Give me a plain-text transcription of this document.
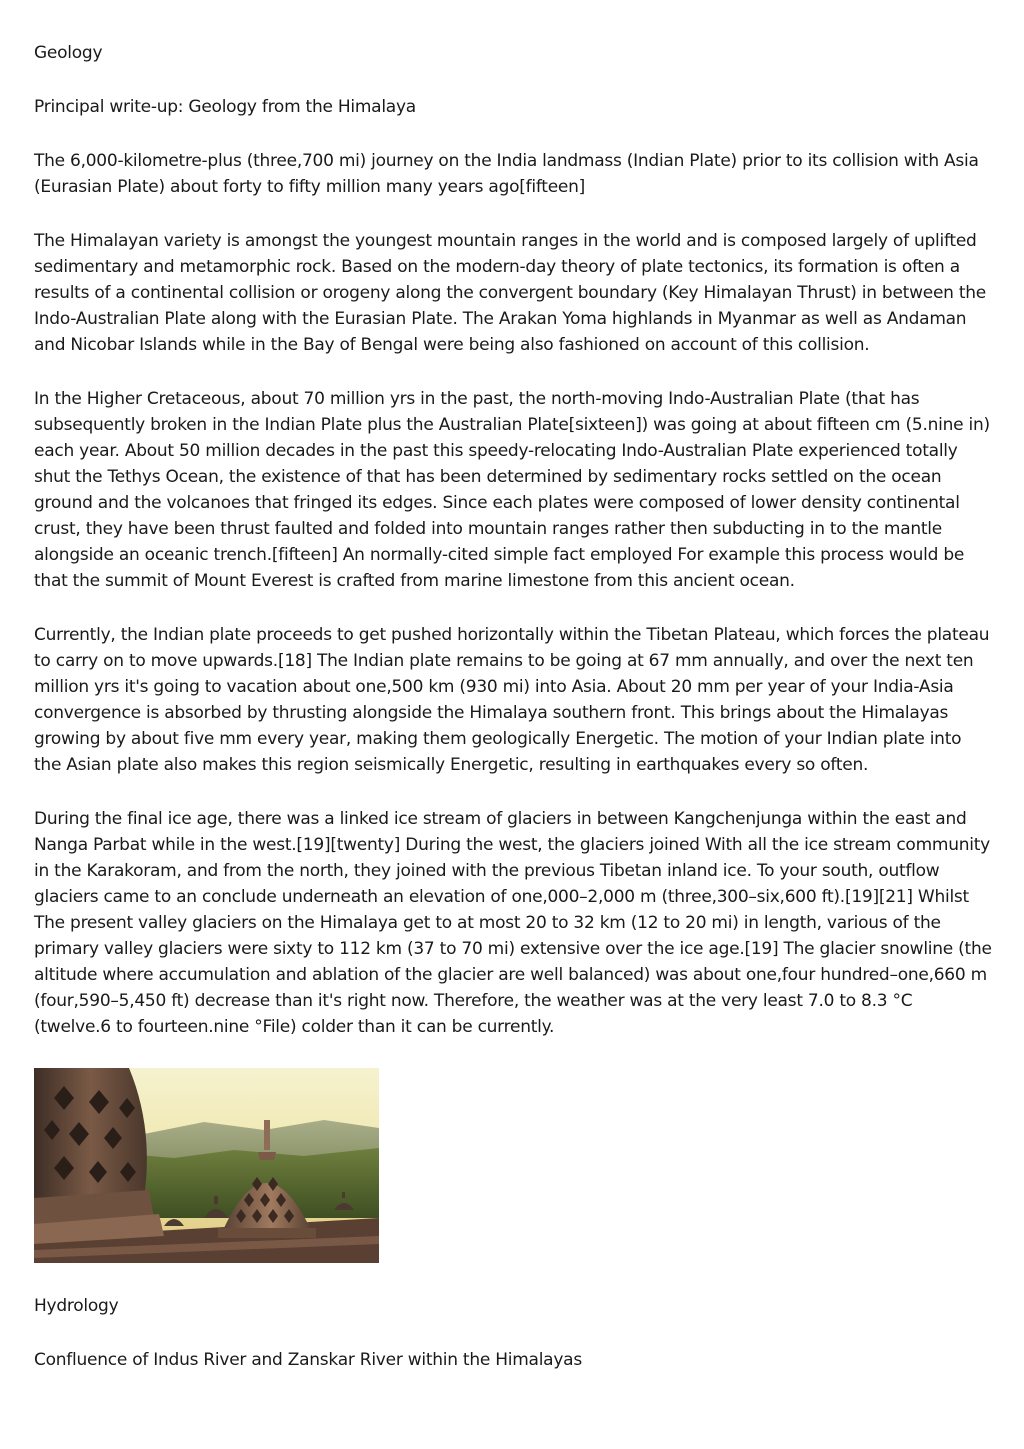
Geology

Principal write-up: Geology from the Himalaya

The 6,000-kilometre-plus (three,700 mi) journey on the India landmass (Indian Plate) prior to its collision with Asia (Eurasian Plate) about forty to fifty million many years ago[fifteen]

The Himalayan variety is amongst the youngest mountain ranges in the world and is composed largely of uplifted sedimentary and metamorphic rock. Based on the modern-day theory of plate tectonics, its formation is often a results of a continental collision or orogeny along the convergent boundary (Key Himalayan Thrust) in between the Indo-Australian Plate along with the Eurasian Plate. The Arakan Yoma highlands in Myanmar as well as Andaman and Nicobar Islands while in the Bay of Bengal were being also fashioned on account of this collision.

In the Higher Cretaceous, about 70 million yrs in the past, the north-moving Indo-Australian Plate (that has subsequently broken in the Indian Plate plus the Australian Plate[sixteen]) was going at about fifteen cm (5.nine in) each year. About 50 million decades in the past this speedy-relocating Indo-Australian Plate experienced totally shut the Tethys Ocean, the existence of that has been determined by sedimentary rocks settled on the ocean ground and the volcanoes that fringed its edges. Since each plates were composed of lower density continental crust, they have been thrust faulted and folded into mountain ranges rather then subducting in to the mantle alongside an oceanic trench.[fifteen] An normally-cited simple fact employed For example this process would be that the summit of Mount Everest is crafted from marine limestone from this ancient ocean.

Currently, the Indian plate proceeds to get pushed horizontally within the Tibetan Plateau, which forces the plateau to carry on to move upwards.[18] The Indian plate remains to be going at 67 mm annually, and over the next ten million yrs it's going to vacation about one,500 km (930 mi) into Asia. About 20 mm per year of your India-Asia convergence is absorbed by thrusting alongside the Himalaya southern front. This brings about the Himalayas growing by about five mm every year, making them geologically Energetic. The motion of your Indian plate into the Asian plate also makes this region seismically Energetic, resulting in earthquakes every so often.

During the final ice age, there was a linked ice stream of glaciers in between Kangchenjunga within the east and Nanga Parbat while in the west.[19][twenty] During the west, the glaciers joined With all the ice stream community in the Karakoram, and from the north, they joined with the previous Tibetan inland ice. To your south, outflow glaciers came to an conclude underneath an elevation of one,000–2,000 m (three,300–six,600 ft).[19][21] Whilst The present valley glaciers on the Himalaya get to at most 20 to 32 km (12 to 20 mi) in length, various of the primary valley glaciers were sixty to 112 km (37 to 70 mi) extensive over the ice age.[19] The glacier snowline (the altitude where accumulation and ablation of the glacier are well balanced) was about one,four hundred–one,660 m (four,590–5,450 ft) decrease than it's right now. Therefore, the weather was at the very least 7.0 to 8.3 °C (twelve.6 to fourteen.nine °File) colder than it can be currently.

Hydrology

Confluence of Indus River and Zanskar River within the Himalayas
